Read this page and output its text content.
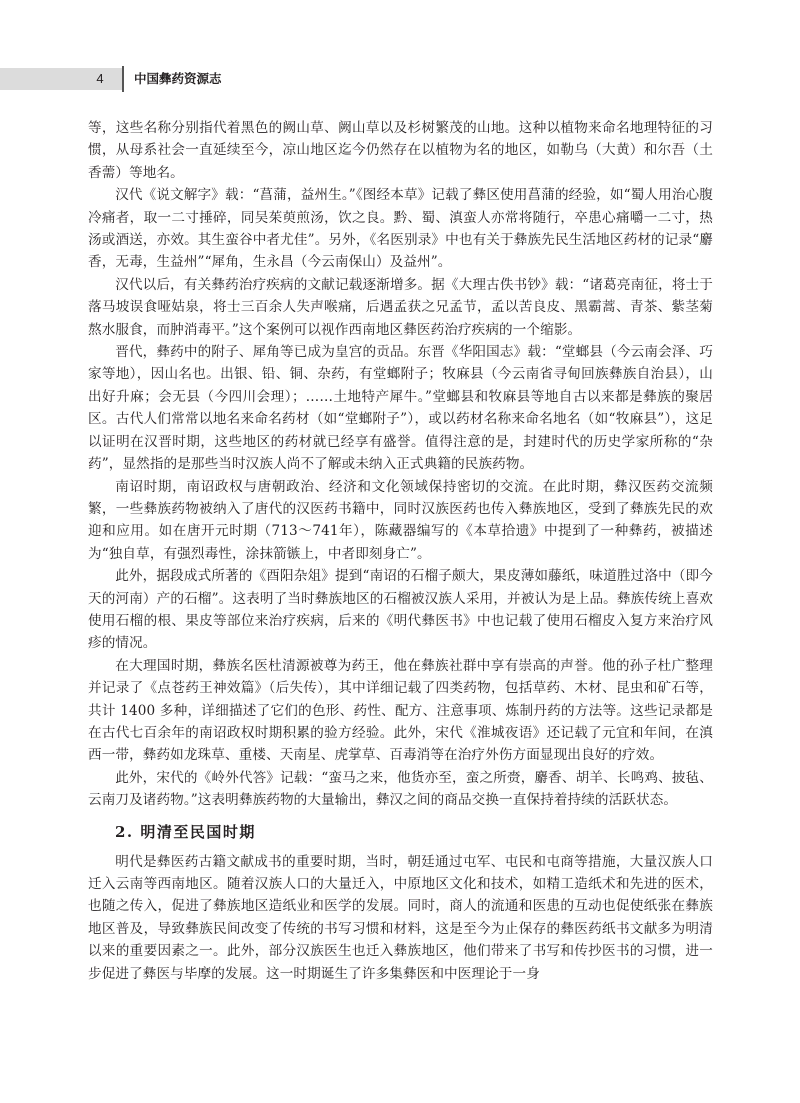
4	中国彝药资源志

等，这些名称分别指代着黑色的阙山草、阙山草以及杉树繁茂的山地。这种以植物来命名地理特征的习惯，从母系社会一直延续至今，凉山地区迄今仍然存在以植物为名的地区，如勒乌（大黄）和尔吾（土香薷）等地名。

汉代《说文解字》载：“菖蒲，益州生。”《图经本草》记载了彝区使用菖蒲的经验，如“蜀人用治心腹冷痛者，取一二寸捶碎，同吴茱萸煎汤，饮之良。黔、蜀、滇蛮人亦常将随行，卒患心痛嚼一二寸，热汤或酒送，亦效。其生蛮谷中者尤佳”。另外，《名医别录》中也有关于彝族先民生活地区药材的记录“麝香，无毒，生益州”“犀角，生永昌（今云南保山）及益州”。

汉代以后，有关彝药治疗疾病的文献记载逐渐增多。据《大理古佚书钞》载：“诸葛亮南征，将士于落马坡误食哑姑泉，将士三百余人失声喉痛，后遇孟获之兄孟节，孟以苦良皮、黑霸蒿、青茶、紫茎菊熬水服食，而肿消毒平。”这个案例可以视作西南地区彝医药治疗疾病的一个缩影。

晋代，彝药中的附子、犀角等已成为皇宫的贡品。东晋《华阳国志》载：“堂螂县（今云南会泽、巧家等地），因山名也。出银、铅、铜、杂药，有堂螂附子；牧麻县（今云南省寻甸回族彝族自治县），山出好升麻；会无县（今四川会理）；……土地特产犀牛。”堂螂县和牧麻县等地自古以来都是彝族的聚居区。古代人们常常以地名来命名药材（如“堂螂附子”），或以药材名称来命名地名（如“牧麻县”），这足以证明在汉晋时期，这些地区的药材就已经享有盛誉。值得注意的是，封建时代的历史学家所称的“杂药”，显然指的是那些当时汉族人尚不了解或未纳入正式典籍的民族药物。

南诏时期，南诏政权与唐朝政治、经济和文化领域保持密切的交流。在此时期，彝汉医药交流频繁，一些彝族药物被纳入了唐代的汉医药书籍中，同时汉族医药也传入彝族地区，受到了彝族先民的欢迎和应用。如在唐开元时期（713～741年），陈藏器编写的《本草拾遗》中提到了一种彝药，被描述为“独自草，有强烈毒性，涂抹箭镞上，中者即刻身亡”。

此外，据段成式所著的《酉阳杂俎》提到“南诏的石榴子颇大，果皮薄如藤纸，味道胜过洛中（即今天的河南）产的石榴”。这表明了当时彝族地区的石榴被汉族人采用，并被认为是上品。彝族传统上喜欢使用石榴的根、果皮等部位来治疗疾病，后来的《明代彝医书》中也记载了使用石榴皮入复方来治疗风疹的情况。

在大理国时期，彝族名医杜清源被尊为药王，他在彝族社群中享有崇高的声誉。他的孙子杜广整理并记录了《点苍药王神效篇》（后失传），其中详细记载了四类药物，包括草药、木材、昆虫和矿石等，共计 1400 多种，详细描述了它们的色形、药性、配方、注意事项、炼制丹药的方法等。这些记录都是在古代七百余年的南诏政权时期积累的验方经验。此外，宋代《淮城夜语》还记载了元宜和年间，在滇西一带，彝药如龙珠草、重楼、天南星、虎掌草、百毒消等在治疗外伤方面显现出良好的疗效。

此外，宋代的《岭外代答》记载：“蛮马之来，他货亦至，蛮之所赍，麝香、胡羊、长鸣鸡、披毡、云南刀及诸药物。”这表明彝族药物的大量输出，彝汉之间的商品交换一直保持着持续的活跃状态。

2. 明清至民国时期

明代是彝医药古籍文献成书的重要时期，当时，朝廷通过屯军、屯民和屯商等措施，大量汉族人口迁入云南等西南地区。随着汉族人口的大量迁入，中原地区文化和技术，如精工造纸术和先进的医术，也随之传入，促进了彝族地区造纸业和医学的发展。同时，商人的流通和医患的互动也促使纸张在彝族地区普及，导致彝族民间改变了传统的书写习惯和材料，这是至今为止保存的彝医药纸书文献多为明清以来的重要因素之一。此外，部分汉族医生也迁入彝族地区，他们带来了书写和传抄医书的习惯，进一步促进了彝医与毕摩的发展。这一时期诞生了许多集彝医和中医理论于一身
